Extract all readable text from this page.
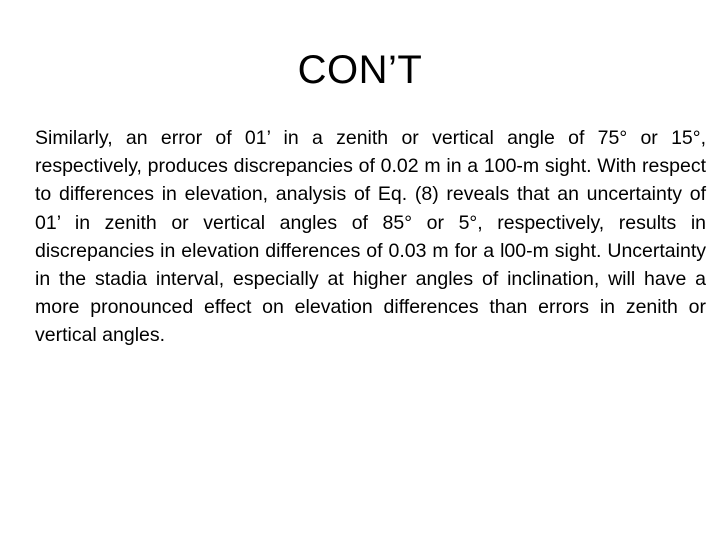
CON’T

Similarly, an error of 01’ in a zenith or vertical angle of 75° or 15°, respectively, produces discrepancies of 0.02 m in a 100-m sight. With respect to differences in elevation, analysis of Eq. (8) reveals that an uncertainty of 01’ in zenith or vertical angles of 85° or 5°, respectively, results in discrepancies in elevation differences of 0.03 m for a l00-m sight. Uncertainty in the stadia interval, especially at higher angles of inclination, will have a more pronounced effect on elevation differences than errors in zenith or vertical angles.
